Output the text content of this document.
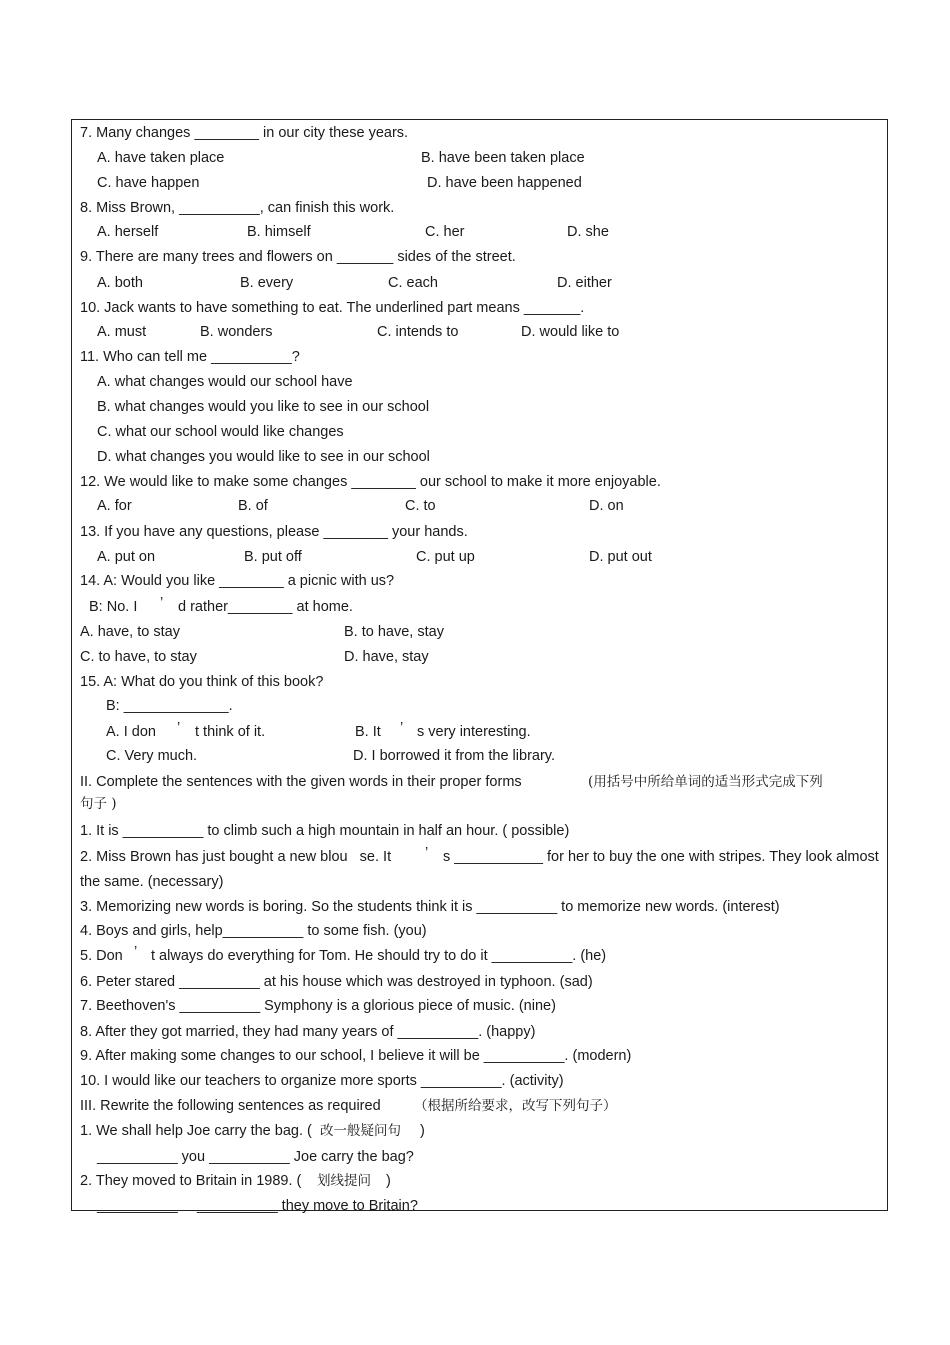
7. Many changes ________ in our city these years.
A. have taken place	B. have been taken place
C. have happen	D. have been happened
8. Miss Brown, __________, can finish this work.
A. herself	B. himself	C. her	D. she
9. There are many trees and flowers on _______ sides of the street.
A. both	B. every	C. each	D. either
10. Jack wants to have something to eat. The underlined part means _______.
A. must	B. wonders	C. intends to	D. would like to
11. Who can tell me __________?
A. what changes would our school have
B. what changes would you like to see in our school
C. what our school would like changes
D. what changes you would like to see in our school
12. We would like to make some changes ________ our school to make it more enjoyable.
A. for	B. of	C. to	D. on
13. If you have any questions, please ________ your hands.
A. put on	B. put off	C. put up	D. put out
14. A: Would you like ________ a picnic with us?
B: No. I ’ d rather________ at home.
A. have, to stay	B. to have, stay
C. to have, to stay	D. have, stay
15. A: What do you think of this book?
B: _____________.
A. I don ’ t think of it.	B. It ’ s very interesting.
C. Very much.	D. I borrowed it from the library.
II. Complete the sentences with the given words in their proper forms	(用括号中所给单词的适当形式完成下列
句子 )
1. It is __________ to climb such a high mountain in half an hour. ( possible)
2. Miss Brown has just bought a new blou   se. It ’ s ___________ for her to buy the one with stripes. They look almost
the same. (necessary)
3. Memorizing new words is boring. So the students think it is __________ to memorize new words. (interest)
4. Boys and girls, help__________ to some fish. (you)
5. Don ’ t always do everything for Tom. He should try to do it __________. (he)
6. Peter stared __________ at his house which was destroyed in typhoon. (sad)
7. Beethoven's __________ Symphony is a glorious piece of music. (nine)
8. After they got married, they had many years of __________. (happy)
9. After making some changes to our school, I believe it will be __________. (modern)
10. I would like our teachers to organize more sports __________. (activity)
III. Rewrite the following sentences as required （根据所给要求，改写下列句子）
1. We shall help Joe carry the bag. ( 改一般疑问句 )
__________ you __________ Joe carry the bag?
2. They moved to Britain in 1989. ( 划线提问 )
__________ __________ they move to Britain?
